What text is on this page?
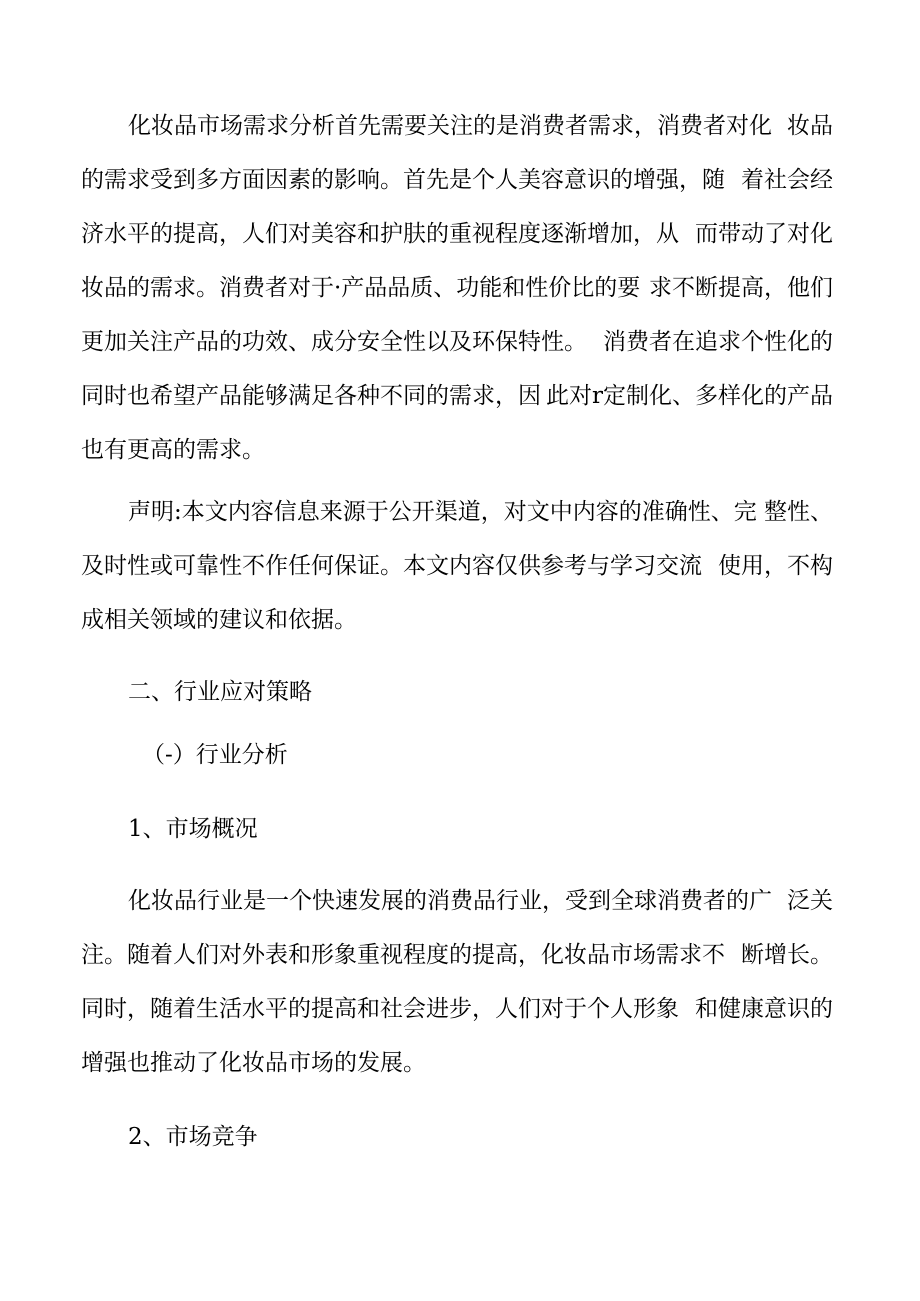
化妆品市场需求分析首先需要关注的是消费者需求，消费者对化 妆品
的需求受到多方面因素的影响。首先是个人美容意识的增强，随 着社会经
济水平的提高，人们对美容和护肤的重视程度逐渐增加，从 而带动了对化
妆品的需求。消费者对于·产品品质、功能和性价比的要 求不断提高，他们
更加关注产品的功效、成分安全性以及环保特性。 消费者在追求个性化的
同时也希望产品能够满足各种不同的需求，因 此对r定制化、多样化的产品
也有更高的需求。
声明:本文内容信息来源于公开渠道，对文中内容的准确性、完 整性、
及时性或可靠性不作任何保证。本文内容仅供参考与学习交流 使用，不构
成相关领域的建议和依据。
二、行业应对策略
（-）行业分析
1、市场概况
化妆品行业是一个快速发展的消费品行业，受到全球消费者的广 泛关
注。随着人们对外表和形象重视程度的提高，化妆品市场需求不 断增长。
同时，随着生活水平的提高和社会进步，人们对于个人形象 和健康意识的
增强也推动了化妆品市场的发展。
2、市场竞争
